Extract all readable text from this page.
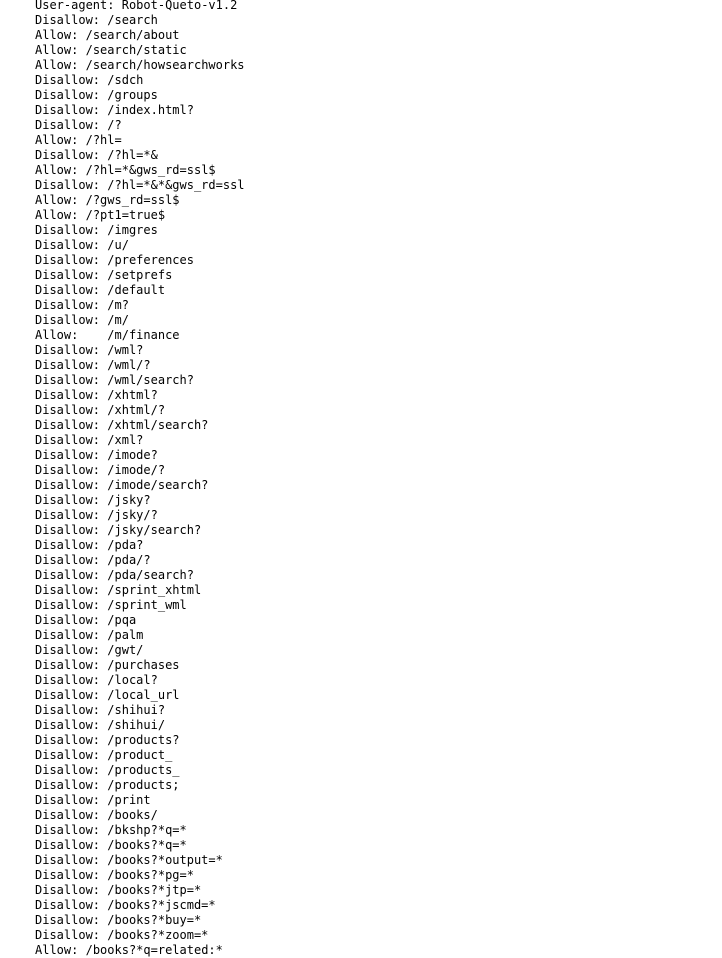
User-agent: Robot-Queto-v1.2
Disallow: /search
Allow: /search/about
Allow: /search/static
Allow: /search/howsearchworks
Disallow: /sdch
Disallow: /groups
Disallow: /index.html?
Disallow: /?
Allow: /?hl=
Disallow: /?hl=*&
Allow: /?hl=*&gws_rd=ssl$
Disallow: /?hl=*&*&gws_rd=ssl
Allow: /?gws_rd=ssl$
Allow: /?pt1=true$
Disallow: /imgres
Disallow: /u/
Disallow: /preferences
Disallow: /setprefs
Disallow: /default
Disallow: /m?
Disallow: /m/
Allow: /m/finance
Disallow: /wml?
Disallow: /wml/?
Disallow: /wml/search?
Disallow: /xhtml?
Disallow: /xhtml/?
Disallow: /xhtml/search?
Disallow: /xml?
Disallow: /imode?
Disallow: /imode/?
Disallow: /imode/search?
Disallow: /jsky?
Disallow: /jsky/?
Disallow: /jsky/search?
Disallow: /pda?
Disallow: /pda/?
Disallow: /pda/search?
Disallow: /sprint_xhtml
Disallow: /sprint_wml
Disallow: /pqa
Disallow: /palm
Disallow: /gwt/
Disallow: /purchases
Disallow: /local?
Disallow: /local_url
Disallow: /shihui?
Disallow: /shihui/
Disallow: /products?
Disallow: /product_
Disallow: /products_
Disallow: /products;
Disallow: /print
Disallow: /books/
Disallow: /bkshp?*q=*
Disallow: /books?*q=*
Disallow: /books?*output=*
Disallow: /books?*pg=*
Disallow: /books?*jtp=*
Disallow: /books?*jscmd=*
Disallow: /books?*buy=*
Disallow: /books?*zoom=*
Allow: /books?*q=related:*
